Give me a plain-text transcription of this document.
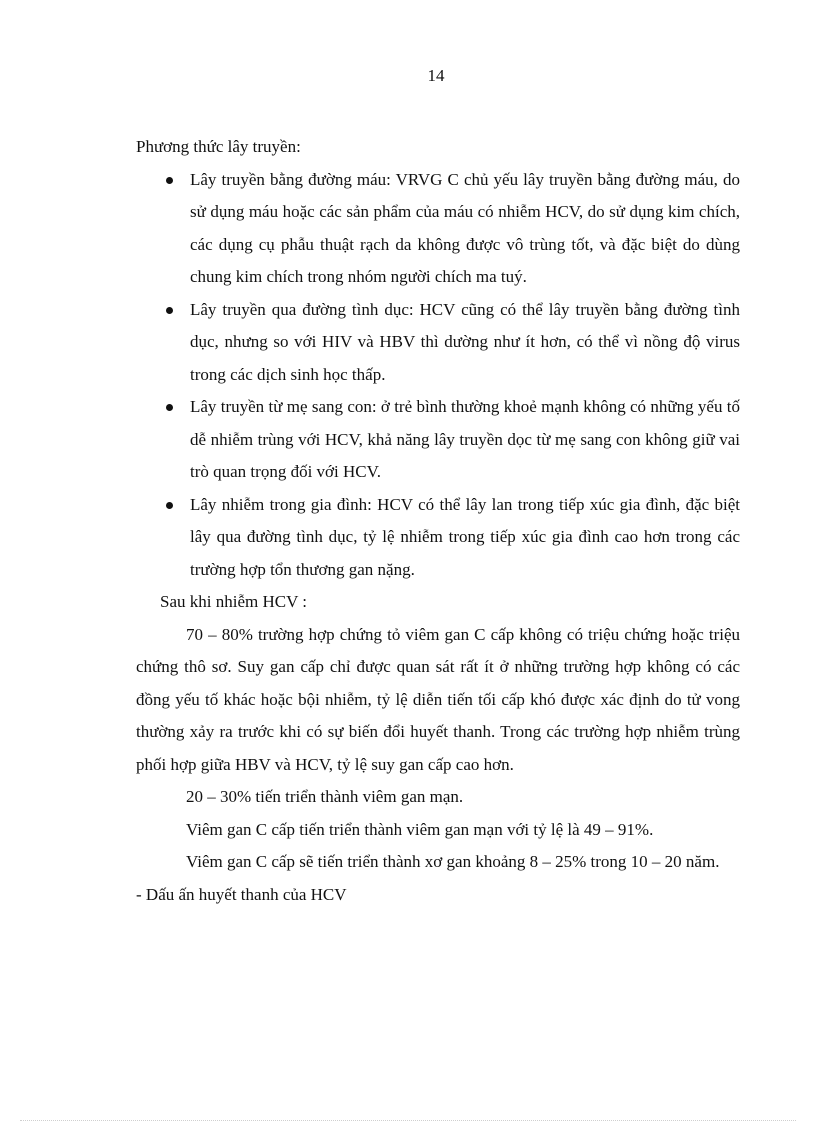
14

Phương thức lây truyền:

Lây truyền bằng đường máu: VRVG C chủ yếu lây truyền bằng đường máu, do sử dụng máu hoặc các sản phẩm của máu có nhiễm HCV, do sử dụng kim chích, các dụng cụ phẫu thuật rạch da không được vô trùng tốt, và đặc biệt do dùng chung kim chích trong nhóm người chích ma tuý.
Lây truyền qua đường tình dục: HCV cũng có thể lây truyền bằng đường tình dục, nhưng so với HIV và HBV thì dường như ít hơn, có thể vì nồng độ virus trong các dịch sinh học thấp.
Lây truyền từ mẹ sang con: ở trẻ bình thường khoẻ mạnh không có những yếu tố dễ nhiễm trùng với HCV, khả năng lây truyền dọc từ mẹ sang con không giữ vai trò quan trọng đối với HCV.
Lây nhiễm trong gia đình: HCV có thể lây lan trong tiếp xúc gia đình, đặc biệt lây qua đường tình dục, tỷ lệ nhiễm trong tiếp xúc gia đình cao hơn trong các trường hợp tổn thương gan nặng.

Sau khi nhiễm HCV :

70 – 80% trường hợp chứng tỏ viêm gan C cấp không có triệu chứng hoặc triệu chứng thô sơ. Suy gan cấp chỉ được quan sát rất ít ở những trường hợp không có các đồng yếu tố khác hoặc bội nhiễm, tỷ lệ diễn tiến tối cấp khó được xác định do tử vong thường xảy ra trước khi có sự biến đổi huyết thanh. Trong các trường hợp nhiễm trùng phối hợp giữa HBV và HCV, tỷ lệ suy gan cấp cao hơn.

20 – 30% tiến triển thành viêm gan mạn.

Viêm gan C cấp tiến triển thành viêm gan mạn với tỷ lệ là 49 – 91%.

Viêm gan C cấp sẽ tiến triển thành xơ gan khoảng 8 – 25% trong 10 – 20 năm.

- Dấu ấn huyết thanh của HCV
